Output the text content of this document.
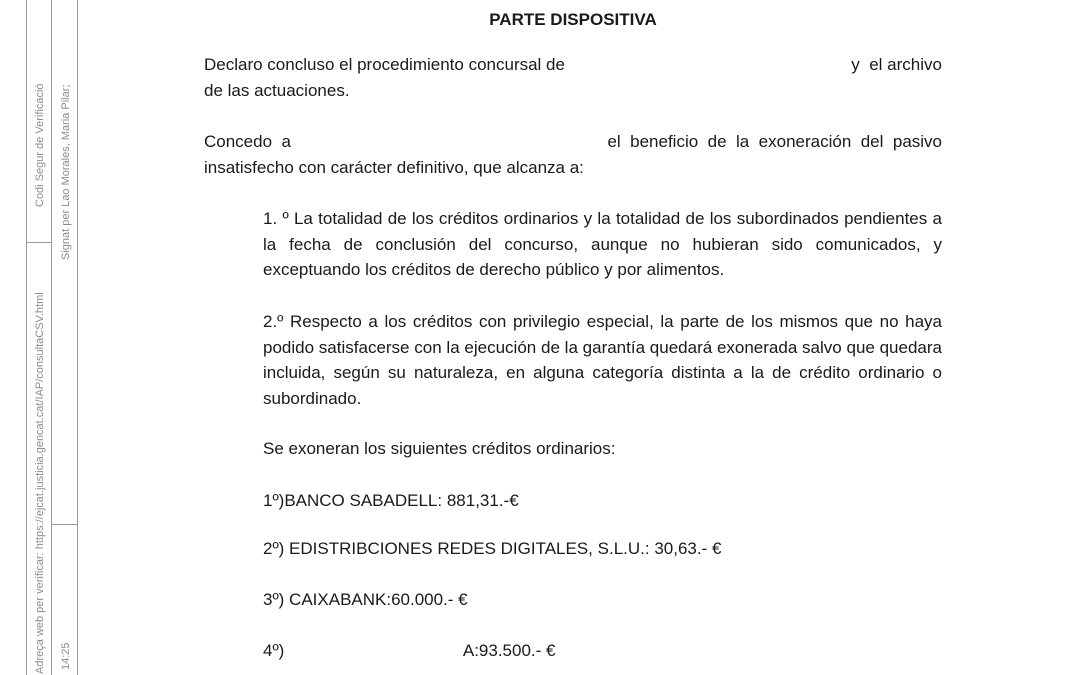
Codi Segur de Verificació Signat per Lao Morales, Maria Pilar;
Adreça web per verificar: https://ejcat.justicia.gencat.cat/IAP/consultaCSV.html 14:25
PARTE DISPOSITIVA
Declaro concluso el procedimiento concursal de	y  el archivo
de las actuaciones.
Concedo  a	el  beneficio  de  la  exoneración  del  pasivo
insatisfecho con carácter definitivo, que alcanza a:
1. º La totalidad de los créditos ordinarios y la totalidad de los subordinados pendientes a la fecha de conclusión del concurso, aunque no hubieran sido comunicados, y exceptuando los créditos de derecho público y por alimentos.
2.º Respecto a los créditos con privilegio especial, la parte de los mismos que no haya podido satisfacerse con la ejecución de la garantía quedará exonerada salvo que quedara incluida, según su naturaleza, en alguna categoría distinta a la de crédito ordinario o subordinado.
Se exoneran los siguientes créditos ordinarios:
1º)BANCO SABADELL: 881,31.-€
2º) EDISTRIBCIONES REDES DIGITALES, S.L.U.: 30,63.- €
3º) CAIXABANK:60.000.- €
4º)	A:93.500.- €
